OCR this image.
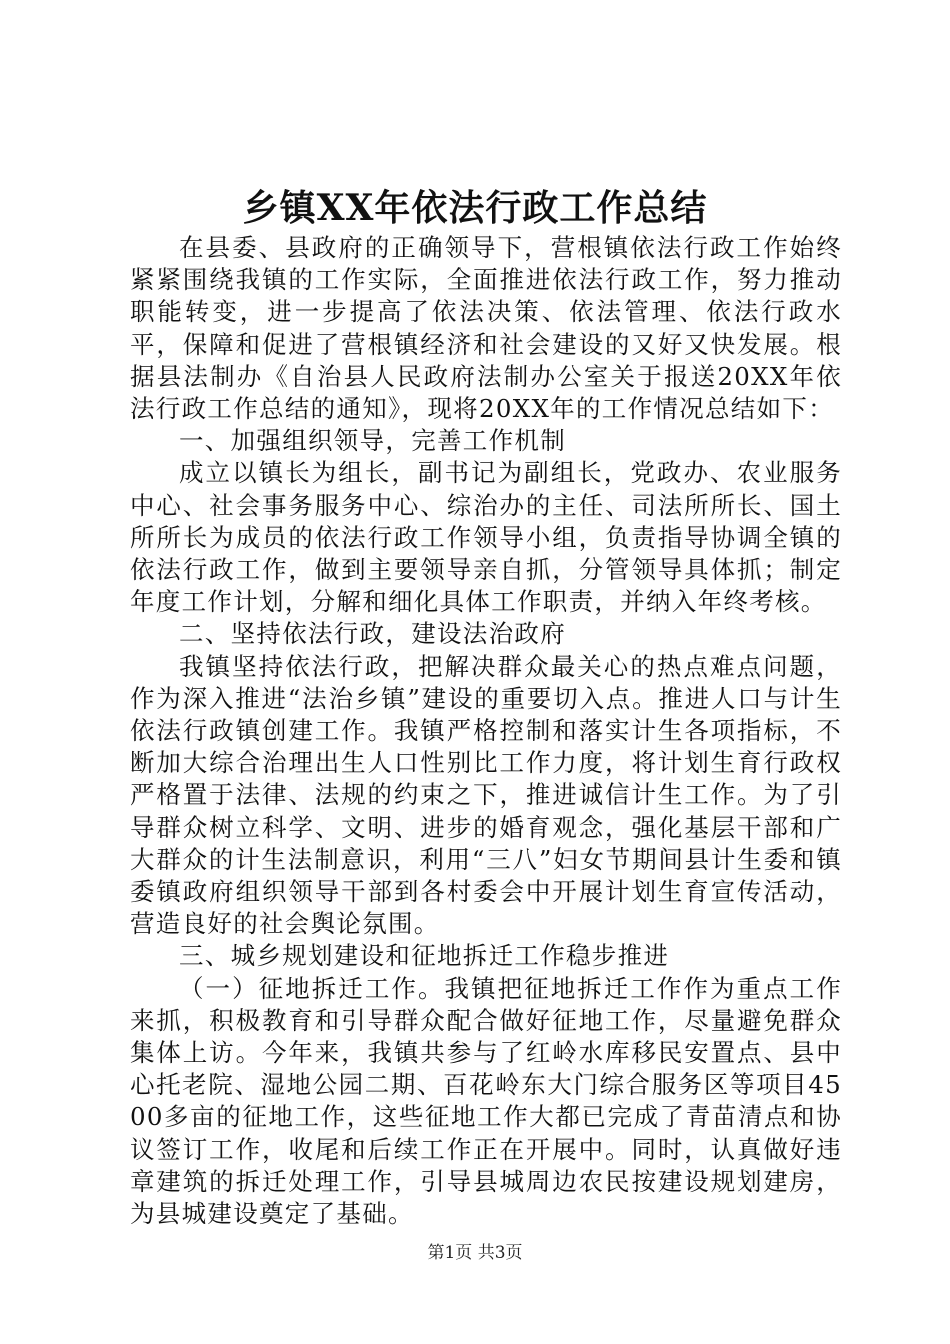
乡镇XX年依法行政工作总结

在县委、县政府的正确领导下，营根镇依法行政工作始终紧紧围绕我镇的工作实际，全面推进依法行政工作，努力推动职能转变，进一步提高了依法决策、依法管理、依法行政水平，保障和促进了营根镇经济和社会建设的又好又快发展。根据县法制办《自治县人民政府法制办公室关于报送20XX年依法行政工作总结的通知》，现将20XX年的工作情况总结如下：

一、加强组织领导，完善工作机制

成立以镇长为组长，副书记为副组长，党政办、农业服务中心、社会事务服务中心、综治办的主任、司法所所长、国土所所长为成员的依法行政工作领导小组，负责指导协调全镇的依法行政工作，做到主要领导亲自抓，分管领导具体抓；制定年度工作计划，分解和细化具体工作职责，并纳入年终考核。

二、坚持依法行政，建设法治政府

我镇坚持依法行政，把解决群众最关心的热点难点问题，作为深入推进“法治乡镇”建设的重要切入点。推进人口与计生依法行政镇创建工作。我镇严格控制和落实计生各项指标，不断加大综合治理出生人口性别比工作力度，将计划生育行政权严格置于法律、法规的约束之下，推进诚信计生工作。为了引导群众树立科学、文明、进步的婚育观念，强化基层干部和广大群众的计生法制意识，利用“三八”妇女节期间县计生委和镇委镇政府组织领导干部到各村委会中开展计划生育宣传活动，营造良好的社会舆论氛围。

三、城乡规划建设和征地拆迁工作稳步推进

（一）征地拆迁工作。我镇把征地拆迁工作作为重点工作来抓，积极教育和引导群众配合做好征地工作，尽量避免群众集体上访。今年来，我镇共参与了红岭水库移民安置点、县中心托老院、湿地公园二期、百花岭东大门综合服务区等项目4500多亩的征地工作，这些征地工作大都已完成了青苗清点和协议签订工作，收尾和后续工作正在开展中。同时，认真做好违章建筑的拆迁处理工作，引导县城周边农民按建设规划建房，为县城建设奠定了基础。

第1页 共3页
